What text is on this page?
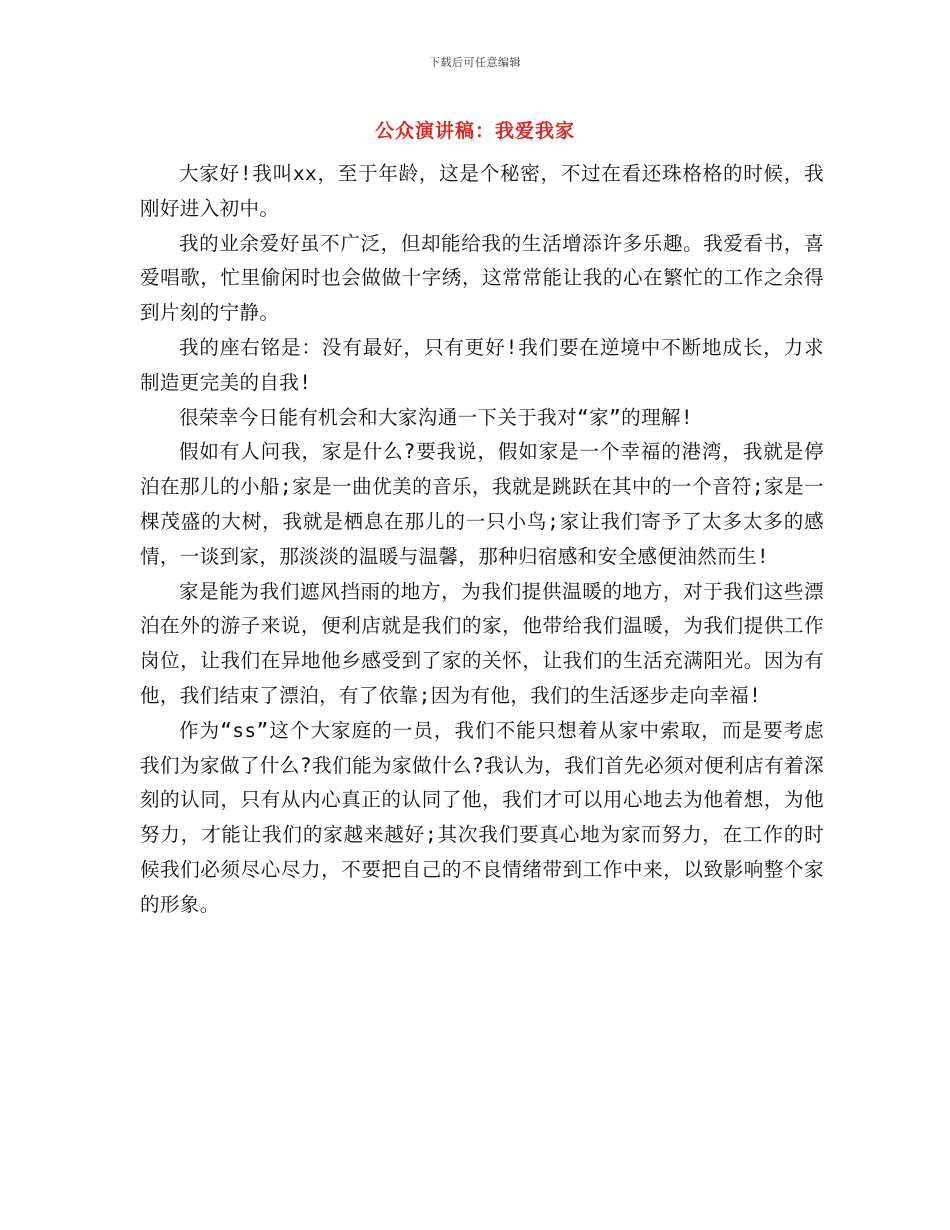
下载后可任意编辑
公众演讲稿：我爱我家

大家好!我叫xx，至于年龄，这是个秘密，不过在看还珠格格的时候，我刚好进入初中。

我的业余爱好虽不广泛，但却能给我的生活增添许多乐趣。我爱看书，喜爱唱歌，忙里偷闲时也会做做十字绣，这常常能让我的心在繁忙的工作之余得到片刻的宁静。

我的座右铭是：没有最好，只有更好!我们要在逆境中不断地成长，力求制造更完美的自我!

很荣幸今日能有机会和大家沟通一下关于我对“家”的理解!

假如有人问我，家是什么?要我说，假如家是一个幸福的港湾，我就是停泊在那儿的小船;家是一曲优美的音乐，我就是跳跃在其中的一个音符;家是一棵茂盛的大树，我就是栖息在那儿的一只小鸟;家让我们寄予了太多太多的感情，一谈到家，那淡淡的温暖与温馨，那种归宿感和安全感便油然而生!

家是能为我们遮风挡雨的地方，为我们提供温暖的地方，对于我们这些漂泊在外的游子来说，便利店就是我们的家，他带给我们温暖，为我们提供工作岗位，让我们在异地他乡感受到了家的关怀，让我们的生活充满阳光。因为有他，我们结束了漂泊，有了依靠;因为有他，我们的生活逐步走向幸福!

作为“ss”这个大家庭的一员，我们不能只想着从家中索取，而是要考虑我们为家做了什么?我们能为家做什么?我认为，我们首先必须对便利店有着深刻的认同，只有从内心真正的认同了他，我们才可以用心地去为他着想，为他努力，才能让我们的家越来越好;其次我们要真心地为家而努力，在工作的时候我们必须尽心尽力，不要把自己的不良情绪带到工作中来，以致影响整个家的形象。
